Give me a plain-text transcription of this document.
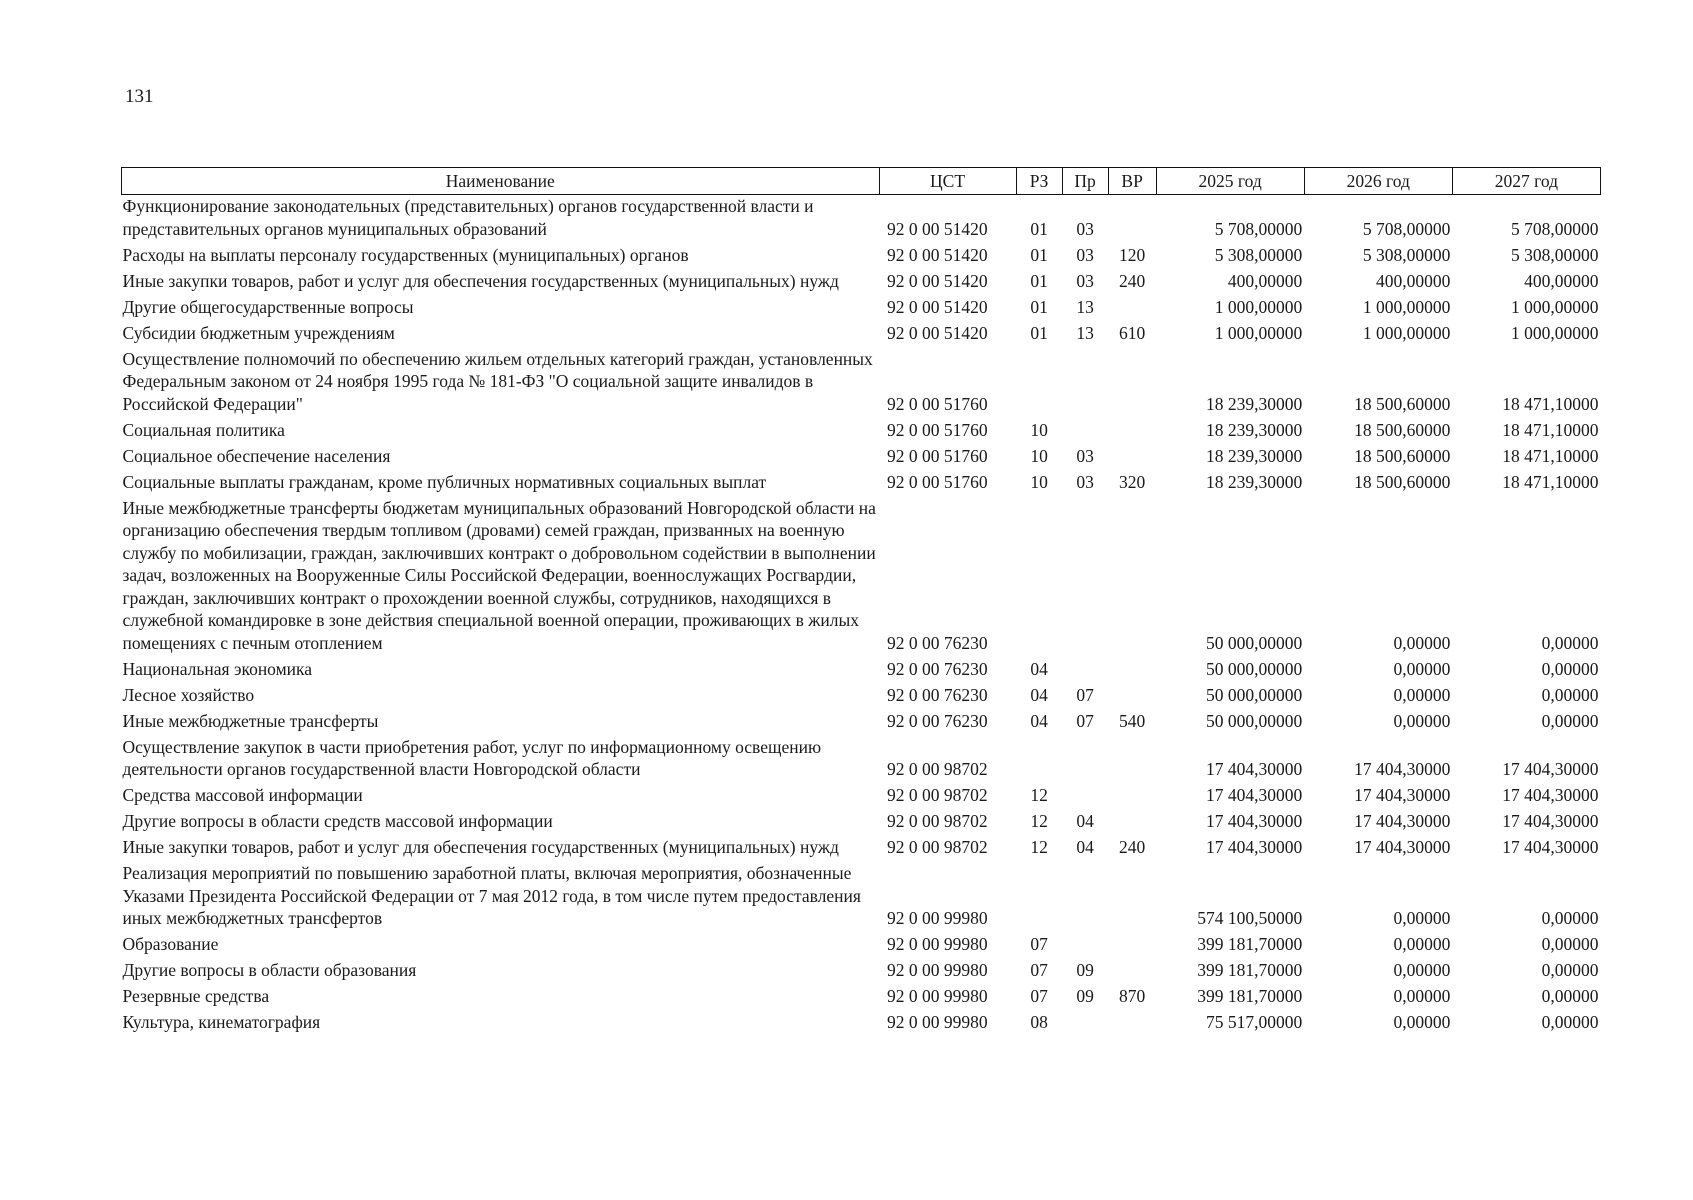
131
Наименование	ЦСТ	РЗ	Пр	ВР	2025 год	2026 год	2027 год
Функционирование законодательных (представительных) органов государственной власти и представительных органов муниципальных образований	92 0 00 51420	01	03		5 708,00000	5 708,00000	5 708,00000
Расходы на выплаты персоналу государственных (муниципальных) органов	92 0 00 51420	01	03	120	5 308,00000	5 308,00000	5 308,00000
Иные закупки товаров, работ и услуг для обеспечения государственных (муниципальных) нужд	92 0 00 51420	01	03	240	400,00000	400,00000	400,00000
Другие общегосударственные вопросы	92 0 00 51420	01	13		1 000,00000	1 000,00000	1 000,00000
Субсидии бюджетным учреждениям	92 0 00 51420	01	13	610	1 000,00000	1 000,00000	1 000,00000
Осуществление полномочий по обеспечению жильем отдельных категорий граждан, установленных Федеральным законом от 24 ноября 1995 года № 181-ФЗ "О социальной защите инвалидов в Российской Федерации"	92 0 00 51760				18 239,30000	18 500,60000	18 471,10000
Социальная политика	92 0 00 51760	10			18 239,30000	18 500,60000	18 471,10000
Социальное обеспечение населения	92 0 00 51760	10	03		18 239,30000	18 500,60000	18 471,10000
Социальные выплаты гражданам, кроме публичных нормативных социальных выплат	92 0 00 51760	10	03	320	18 239,30000	18 500,60000	18 471,10000
Иные межбюджетные трансферты бюджетам муниципальных образований Новгородской области на организацию обеспечения твердым топливом (дровами) семей граждан, призванных на военную службу по мобилизации, граждан, заключивших контракт о добровольном содействии в выполнении задач, возложенных на Вооруженные Силы Российской Федерации, военнослужащих Росгвардии, граждан, заключивших контракт о прохождении военной службы, сотрудников, находящихся в служебной командировке в зоне действия специальной военной операции, проживающих в жилых помещениях с печным отоплением	92 0 00 76230				50 000,00000	0,00000	0,00000
Национальная экономика	92 0 00 76230	04			50 000,00000	0,00000	0,00000
Лесное хозяйство	92 0 00 76230	04	07		50 000,00000	0,00000	0,00000
Иные межбюджетные трансферты	92 0 00 76230	04	07	540	50 000,00000	0,00000	0,00000
Осуществление закупок в части приобретения работ, услуг по информационному освещению деятельности органов государственной власти Новгородской области	92 0 00 98702				17 404,30000	17 404,30000	17 404,30000
Средства массовой информации	92 0 00 98702	12			17 404,30000	17 404,30000	17 404,30000
Другие вопросы в области средств массовой информации	92 0 00 98702	12	04		17 404,30000	17 404,30000	17 404,30000
Иные закупки товаров, работ и услуг для обеспечения государственных (муниципальных) нужд	92 0 00 98702	12	04	240	17 404,30000	17 404,30000	17 404,30000
Реализация мероприятий по повышению заработной платы, включая мероприятия, обозначенные Указами Президента Российской Федерации от 7 мая 2012 года, в том числе путем предоставления иных межбюджетных трансфертов	92 0 00 99980				574 100,50000	0,00000	0,00000
Образование	92 0 00 99980	07			399 181,70000	0,00000	0,00000
Другие вопросы в области образования	92 0 00 99980	07	09		399 181,70000	0,00000	0,00000
Резервные средства	92 0 00 99980	07	09	870	399 181,70000	0,00000	0,00000
Культура, кинематография	92 0 00 99980	08			75 517,00000	0,00000	0,00000
